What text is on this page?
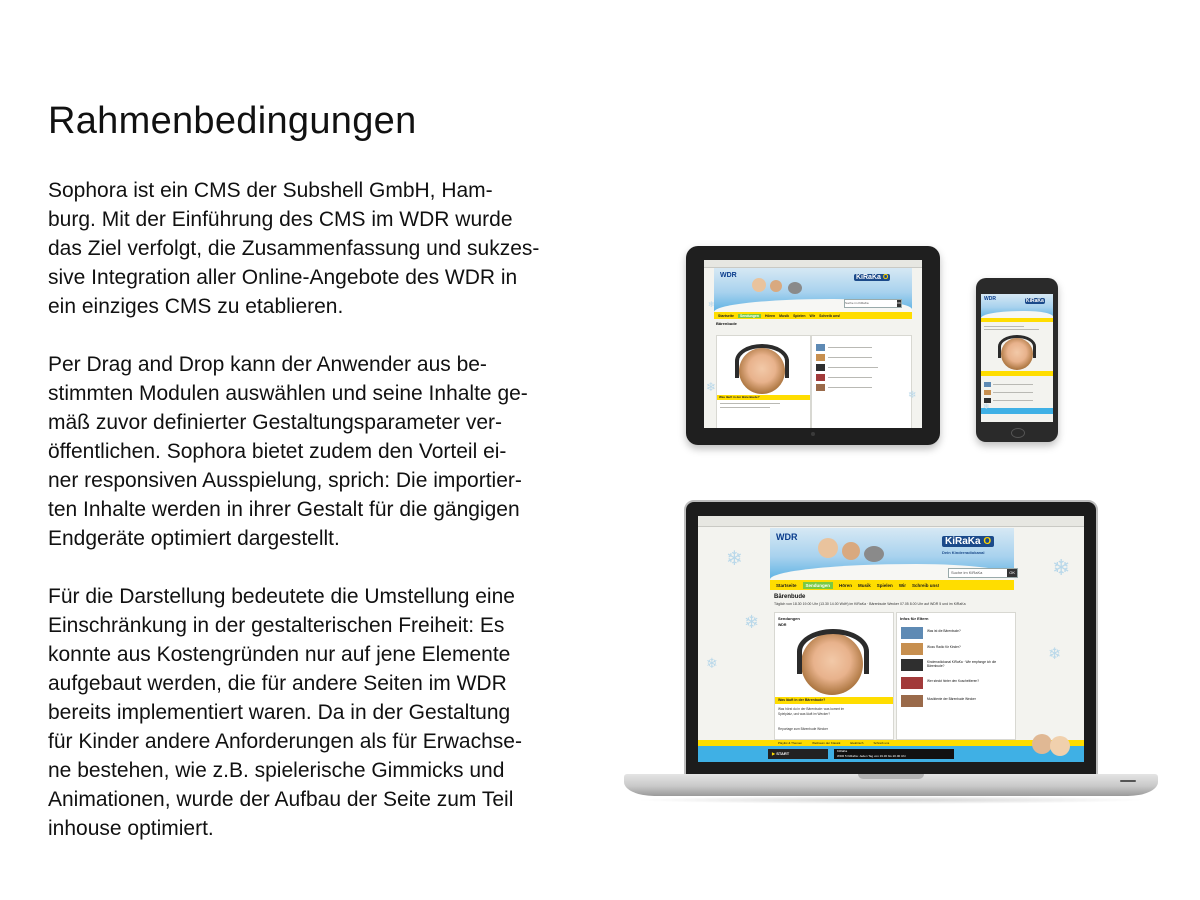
Rahmenbedingungen

Sophora ist ein CMS der Subshell GmbH, Ham-
burg. Mit der Einführung des CMS im WDR wurde
das Ziel verfolgt, die Zusammenfassung und sukzes-
sive Integration aller Online-Angebote des WDR in
ein einziges CMS zu etablieren.

Per Drag and Drop kann der Anwender aus be-
stimmten Modulen auswählen und seine Inhalte ge-
mäß zuvor definierter Gestaltungsparameter ver-
öffentlichen. Sophora bietet zudem den Vorteil ei-
ner responsiven Ausspielung, sprich: Die importier-
ten Inhalte werden in ihrer Gestalt für die gängigen
Endgeräte optimiert dargestellt.

Für die Darstellung bedeutete die Umstellung eine
Einschränkung in der gestalterischen Freiheit: Es
konnte aus Kostengründen nur auf jene Elemente
aufgebaut werden, die für andere Seiten im WDR
bereits implementiert waren. Da in der Gestaltung
für Kinder andere Anforderungen als für Erwachse-
ne bestehen, wie z.B. spielerische Gimmicks und
Animationen, wurde der Aufbau der Seite zum Teil
inhouse optimiert.

WDR	KiRaKa O
Suche im KiRaKa	OK
Startseite	Sendungen	Hören Musik Spielen Wir Schreib uns!
Bärenbude
Was läuft in der Bärenbude?
❄
❄
❄
WDR	KiRaKa
❄
❄	❄
❄
❄
❄
WDR	KiRaKa O
Dein Kinderradiokanal
Suche im KiRaKa	OK
Startseite	Sendungen	Hören Musik Spielen Wir Schreib uns!
Bärenbude
Täglich von 18.30 19.00 Uhr (13.30 14.00 WdH) im KiRaKa · Bärenbude Wecker 07.05 8.00 Uhr auf WDR 5 und im KiRaKa
Sendungen
WDR
Was läuft in der Bärenbude?
Was hörst du in der Bärenbude: was kommt im Spielplatz, und was läuft im Wecker?
Reportage zum Bärenbude Wecker
Infos für Eltern
Was ist die Bärenbude?
Wozu Radio für Kinder?
Kinderradiokanal KiRaKa · Wie empfange ich die Bärenbude?
Wer steckt hinter den Kuscheltieren?
Musiktexte der Bärenbude Wecker
Playlist & Themen	Weltraum der Klassik	Elektrisch	Schreib uns
▶ START	KiRaKa
WDR 5 KiRaKa: Jeden Tag von 19.30 bis 20.00 Uhr
